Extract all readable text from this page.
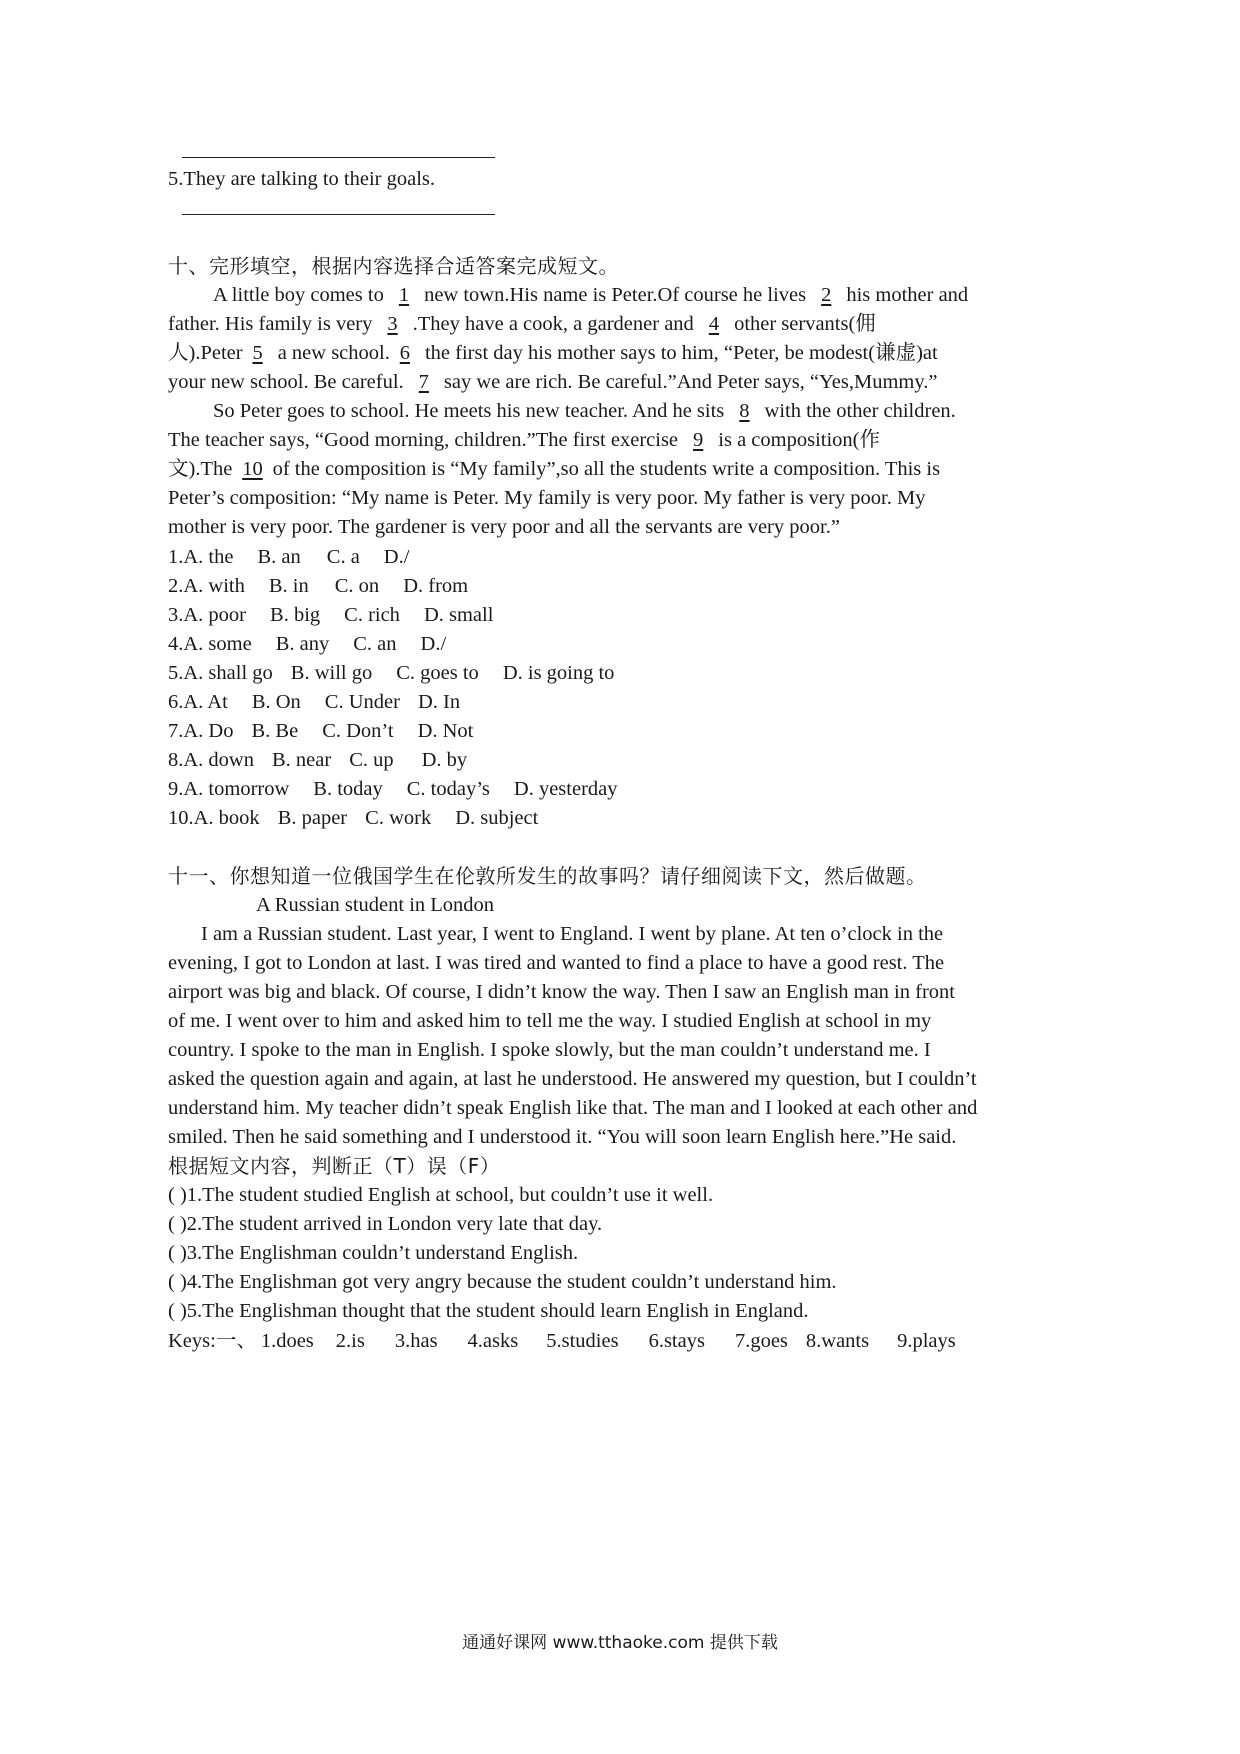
5.They are talking to their goals.
十、完形填空，根据内容选择合适答案完成短文。
A little boy comes to 1 new town.His name is Peter.Of course he lives 2 his mother and
father. His family is very 3 .They have a cook, a gardener and 4 other servants(佣
人).Peter 5 a new school. 6 the first day his mother says to him, “Peter, be modest(谦虚)at
your new school. Be careful. 7 say we are rich. Be careful.”And Peter says, “Yes,Mummy.”
So Peter goes to school. He meets his new teacher. And he sits 8 with the other children.
The teacher says, “Good morning, children.”The first exercise 9 is a composition(作
文).The 10 of the composition is “My family”,so all the students write a composition. This is
Peter’s composition: “My name is Peter. My family is very poor. My father is very poor. My
mother is very poor. The gardener is very poor and all the servants are very poor.”
1.A. the B. an C. a D./
2.A. with B. in C. on D. from
3.A. poor B. big C. rich D. small
4.A. some B. any C. an D./
5.A. shall go B. will go C. goes to D. is going to
6.A. At B. On C. Under D. In
7.A. Do B. Be C. Don’t D. Not
8.A. down B. near C. up D. by
9.A. tomorrow B. today C. today’s D. yesterday
10.A. book B. paper C. work D. subject
十一、你想知道一位俄国学生在伦敦所发生的故事吗？请仔细阅读下文，然后做题。
A Russian student in London
I am a Russian student. Last year, I went to England. I went by plane. At ten o’clock in the
evening, I got to London at last. I was tired and wanted to find a place to have a good rest. The
airport was big and black. Of course, I didn’t know the way. Then I saw an English man in front
of me. I went over to him and asked him to tell me the way. I studied English at school in my
country. I spoke to the man in English. I spoke slowly, but the man couldn’t understand me. I
asked the question again and again, at last he understood. He answered my question, but I couldn’t
understand him. My teacher didn’t speak English like that. The man and I looked at each other and
smiled. Then he said something and I understood it. “You will soon learn English here.”He said.
根据短文内容，判断正（T）误（F）
( )1.The student studied English at school, but couldn’t use it well.
( )2.The student arrived in London very late that day.
( )3.The Englishman couldn’t understand English.
( )4.The Englishman got very angry because the student couldn’t understand him.
( )5.The Englishman thought that the student should learn English in England.
Keys:一、 1.does 2.is 3.has 4.asks 5.studies 6.stays 7.goes 8.wants 9.plays
通通好课网 www.tthaoke.com 提供下载
